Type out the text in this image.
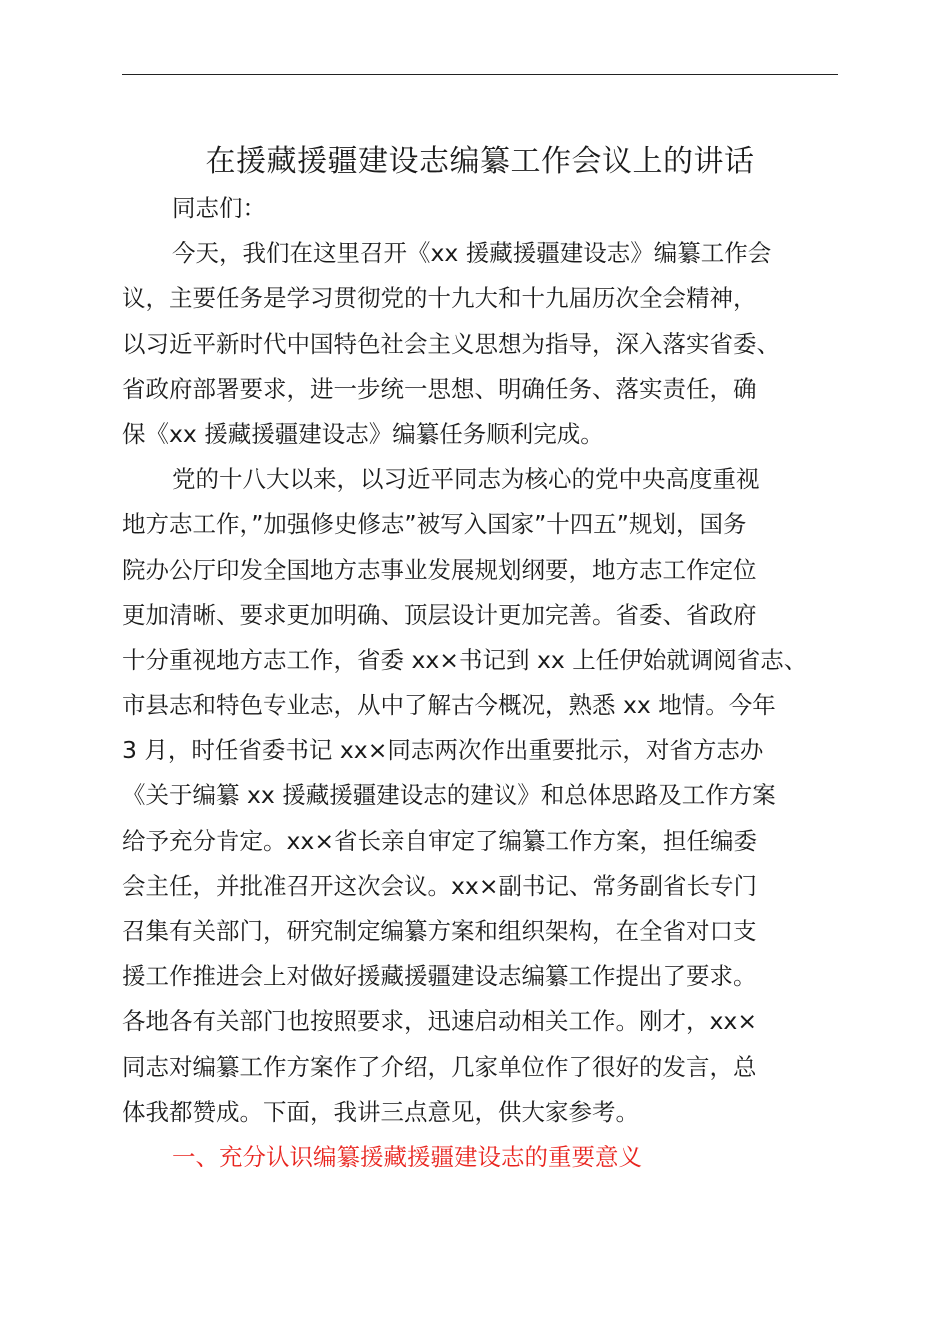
在援藏援疆建设志编纂工作会议上的讲话
同志们：
今天，我们在这里召开《xx 援藏援疆建设志》编纂工作会
议，主要任务是学习贯彻党的十九大和十九届历次全会精神，
以习近平新时代中国特色社会主义思想为指导，深入落实省委、
省政府部署要求，进一步统一思想、明确任务、落实责任，确
保《xx 援藏援疆建设志》编纂任务顺利完成。
党的十八大以来，以习近平同志为核心的党中央高度重视
地方志工作，”加强修史修志”被写入国家”十四五”规划，国务
院办公厅印发全国地方志事业发展规划纲要，地方志工作定位
更加清晰、要求更加明确、顶层设计更加完善。省委、省政府
十分重视地方志工作，省委 xx×书记到 xx 上任伊始就调阅省志、
市县志和特色专业志，从中了解古今概况，熟悉 xx 地情。今年
3 月，时任省委书记 xx×同志两次作出重要批示，对省方志办
《关于编纂 xx 援藏援疆建设志的建议》和总体思路及工作方案
给予充分肯定。xx×省长亲自审定了编纂工作方案，担任编委
会主任，并批准召开这次会议。xx×副书记、常务副省长专门
召集有关部门，研究制定编纂方案和组织架构，在全省对口支
援工作推进会上对做好援藏援疆建设志编纂工作提出了要求。
各地各有关部门也按照要求，迅速启动相关工作。刚才，xx×
同志对编纂工作方案作了介绍，几家单位作了很好的发言，总
体我都赞成。下面，我讲三点意见，供大家参考。
一、充分认识编纂援藏援疆建设志的重要意义
